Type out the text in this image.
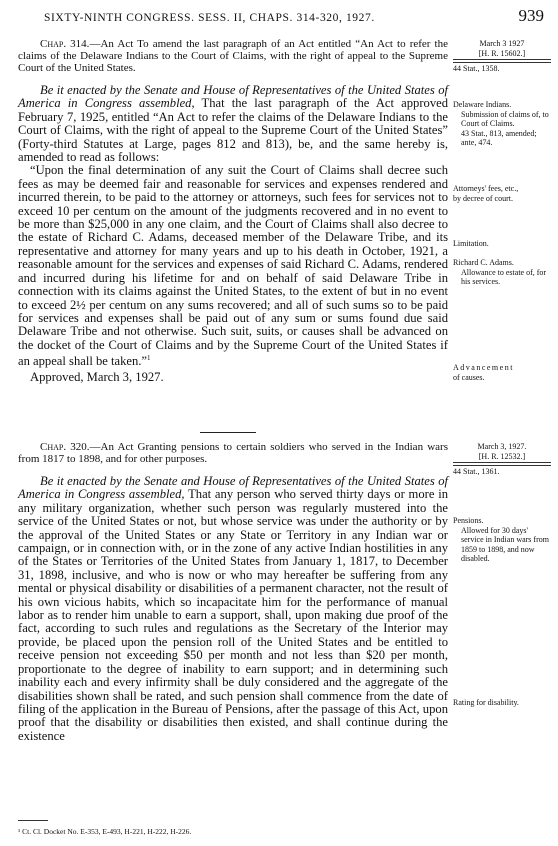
SIXTY-NINTH CONGRESS. SESS. II, CHAPS. 314-320, 1927.	939

Chap. 314.—An Act To amend the last paragraph of an Act entitled “An Act to refer the claims of the Delaware Indians to the Court of Claims, with the right of appeal to the Supreme Court of the United States.

Be it enacted by the Senate and House of Representatives of the United States of America in Congress assembled, That the last paragraph of the Act approved February 7, 1925, entitled “An Act to refer the claims of the Delaware Indians to the Court of Claims, with the right of appeal to the Supreme Court of the United States” (Forty-third Statutes at Large, pages 812 and 813), be, and the same hereby is, amended to read as follows:

“Upon the final determination of any suit the Court of Claims shall decree such fees as may be deemed fair and reasonable for services and expenses rendered and incurred therein, to be paid to the attorney or attorneys, such fees for services not to exceed 10 per centum on the amount of the judgments recovered and in no event to be more than $25,000 in any one claim, and the Court of Claims shall also decree to the estate of Richard C. Adams, deceased member of the Delaware Tribe, and its representative and attorney for many years and up to his death in October, 1921, a reasonable amount for the services and expenses of said Richard C. Adams, rendered and incurred during his lifetime for and on behalf of said Delaware Tribe in connection with its claims against the United States, to the extent of but in no event to exceed 2½ per centum on any sums recovered; and all of such sums so to be paid for services and expenses shall be paid out of any sum or sums found due said Delaware Tribe and not otherwise. Such suit, suits, or causes shall be advanced on the docket of the Court of Claims and by the Supreme Court of the United States if an appeal shall be taken.”$^1$

Approved, March 3, 1927.

Chap. 320.—An Act Granting pensions to certain soldiers who served in the Indian wars from 1817 to 1898, and for other purposes.

Be it enacted by the Senate and House of Representatives of the United States of America in Congress assembled, That any person who served thirty days or more in any military organization, whether such person was regularly mustered into the service of the United States or not, but whose service was under the authority or by the approval of the United States or any State or Territory in any Indian war or campaign, or in connection with, or in the zone of any active Indian hostilities in any of the States or Territories of the United States from January 1, 1817, to December 31, 1898, inclusive, and who is now or who may hereafter be suffering from any mental or physical disability or disabilities of a permanent character, not the result of his own vicious habits, which so incapacitate him for the performance of manual labor as to render him unable to earn a support, shall, upon making due proof of the fact, according to such rules and regulations as the Secretary of the Interior may provide, be placed upon the pension roll of the United States and be entitled to receive pension not exceeding $50 per month and not less than $20 per month, proportionate to the degree of inability to earn support; and in determining such inability each and every infirmity shall be duly considered and the aggregate of the disabilities shown shall be rated, and such pension shall commence from the date of filing of the application in the Bureau of Pensions, after the passage of this Act, upon proof that the disability or disabilities then existed, and shall continue during the existence

March 3 1927

[H. R. 15602.]
44 Stat., 1358.
Delaware Indians.
Submission of claims of, to Court of Claims.
43 Stat., 813, amended; ante, 474.
Attorneys' fees, etc.,
by decree of court.
Limitation.
Richard C. Adams.
Allowance to estate of, for his services.
Advancement
of causes.
March 3, 1927.

[H. R. 12532.]
44 Stat., 1361.
Pensions.
Allowed for 30 days' service in Indian wars from 1859 to 1898, and now disabled.
Rating for disability.
¹ Ct. Cl. Docket No. E-353, E-493, H-221, H-222, H-226.
